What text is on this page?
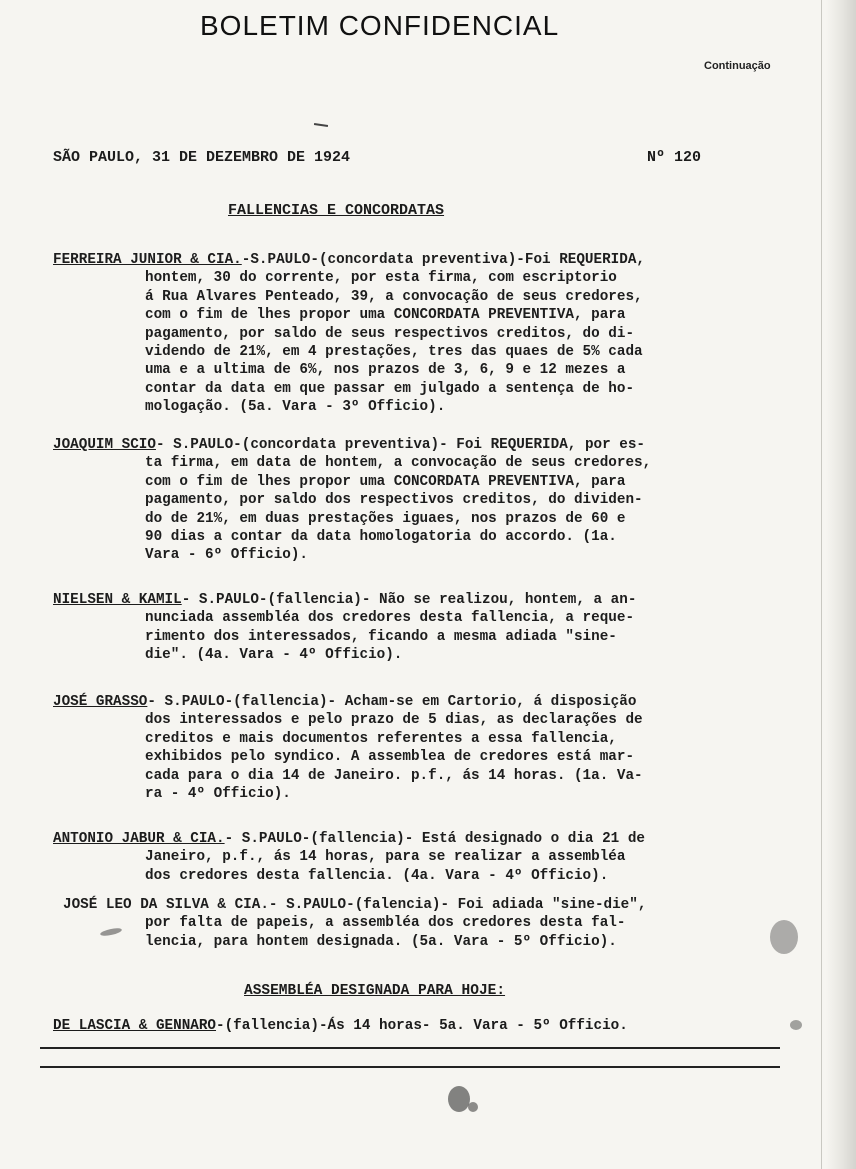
BOLETIM CONFIDENCIAL
Continuação
SÃO PAULO, 31 DE DEZEMBRO DE 1924	Nº 120
FALLENCIAS E CONCORDATAS
FERREIRA JUNIOR & CIA.-S.PAULO-(concordata preventiva)-Foi REQUERIDA,
hontem, 30 do corrente, por esta firma, com escriptorio
á Rua Alvares Penteado, 39, a convocação de seus credores,
com o fim de lhes propor uma CONCORDATA PREVENTIVA, para
pagamento, por saldo de seus respectivos creditos, do di-
videndo de 21%, em 4 prestações, tres das quaes de 5% cada
uma e a ultima de 6%, nos prazos de 3, 6, 9 e 12 mezes a
contar da data em que passar em julgado a sentença de ho-
mologação. (5a. Vara - 3º Officio).
JOAQUIM SCIO- S.PAULO-(concordata preventiva)- Foi REQUERIDA, por es-
ta firma, em data de hontem, a convocação de seus credores,
com o fim de lhes propor uma CONCORDATA PREVENTIVA, para
pagamento, por saldo dos respectivos creditos, do dividen-
do de 21%, em duas prestações iguaes, nos prazos de 60 e
90 dias a contar da data homologatoria do accordo. (1a.
Vara - 6º Officio).
NIELSEN & KAMIL- S.PAULO-(fallencia)- Não se realizou, hontem, a an-
nunciada assembléa dos credores desta fallencia, a reque-
rimento dos interessados, ficando a mesma adiada "sine-
die". (4a. Vara - 4º Officio).
JOSÉ GRASSO- S.PAULO-(fallencia)- Acham-se em Cartorio, á disposição
dos interessados e pelo prazo de 5 dias, as declarações de
creditos e mais documentos referentes a essa fallencia,
exhibidos pelo syndico. A assemblea de credores está mar-
cada para o dia 14 de Janeiro. p.f., ás 14 horas. (1a. Va-
ra - 4º Officio).
ANTONIO JABUR & CIA.- S.PAULO-(fallencia)- Está designado o dia 21 de
Janeiro, p.f., ás 14 horas, para se realizar a assembléa
dos credores desta fallencia. (4a. Vara - 4º Officio).
JOSÉ LEO DA SILVA & CIA.- S.PAULO-(falencia)- Foi adiada "sine-die",
por falta de papeis, a assembléa dos credores desta fal-
lencia, para hontem designada. (5a. Vara - 5º Officio).
ASSEMBLÉA DESIGNADA PARA HOJE:
DE LASCIA & GENNARO-(fallencia)-Ás 14 horas- 5a. Vara - 5º Officio.
